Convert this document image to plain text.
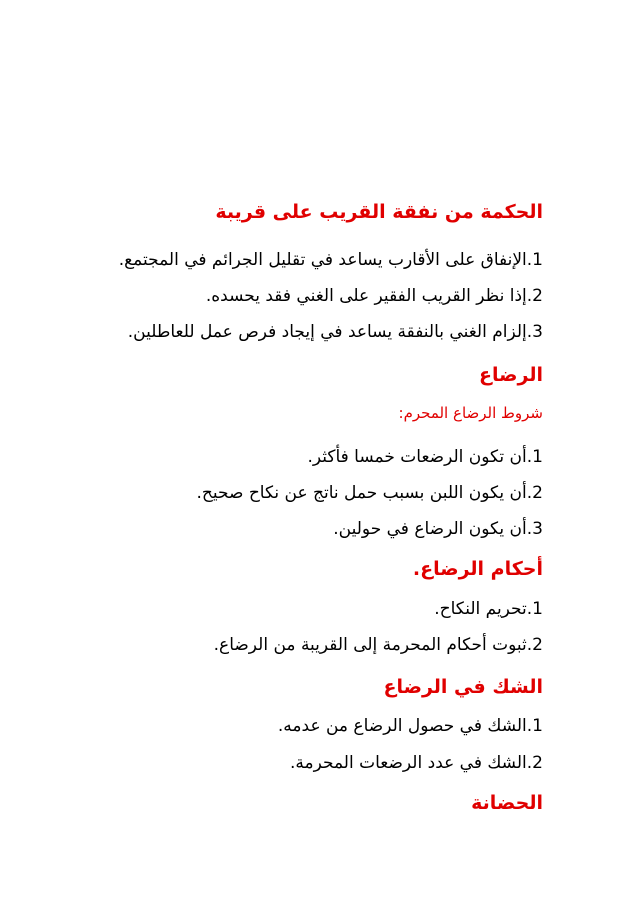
الحكمة من نفقة القريب على قريبة
1.الإنفاق على الأقارب يساعد في تقليل الجرائم في المجتمع.
2.إذا نظر القريب الفقير على الغني فقد يحسده.
3.إلزام الغني بالنفقة يساعد في إيجاد فرص عمل للعاطلين.
الرضاع
شروط الرضاع المحرم:
1.أن تكون الرضعات خمسا فأكثر.
2.أن يكون اللبن بسبب حمل ناتج عن نكاح صحيح.
3.أن يكون الرضاع في حولين.
أحكام الرضاع.
1.تحريم النكاح.
2.ثبوت أحكام المحرمة إلى القريبة من الرضاع.
الشك في الرضاع
1.الشك في حصول الرضاع من عدمه.
2.الشك في عدد الرضعات المحرمة.
الحضانة
